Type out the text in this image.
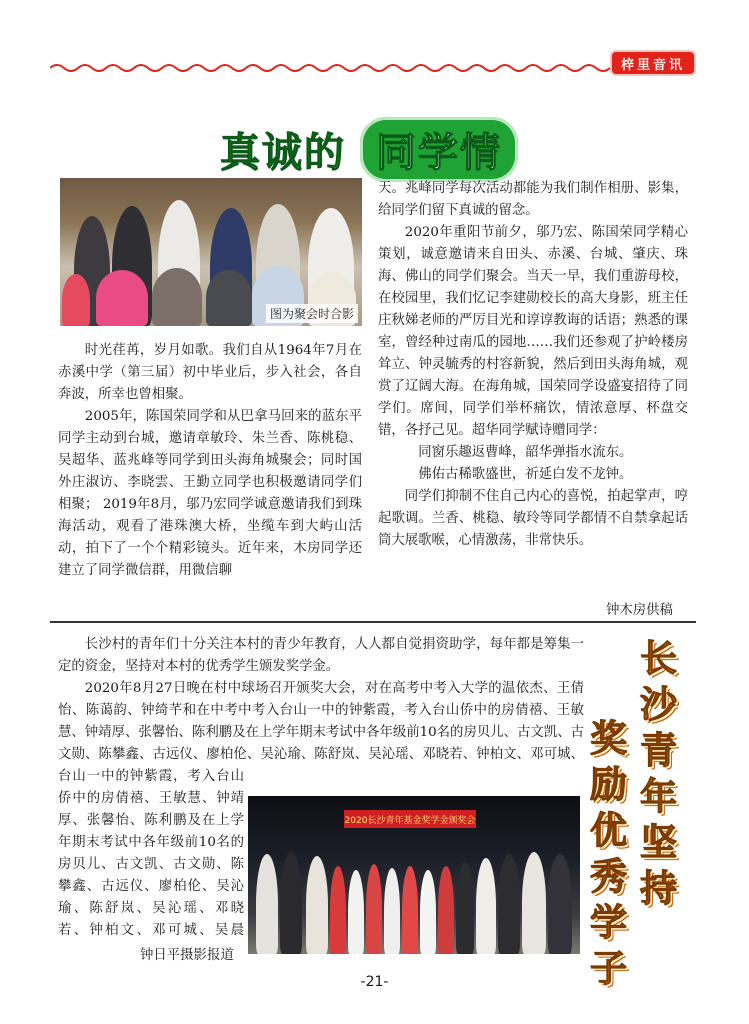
梓里音讯
真诚的 同学情
图为聚会时合影

时光荏苒，岁月如歌。我们自从1964年7月在赤溪中学（第三届）初中毕业后，步入社会，各自奔波，所幸也曾相聚。

2005年，陈国荣同学和从巴拿马回来的蓝东平同学主动到台城，邀请章敏玲、朱兰香、陈桃稳、吴超华、蓝兆峰等同学到田头海角城聚会；同时国外庄淑访、李晓雲、王勤立同学也积极邀请同学们相聚； 2019年8月，邬乃宏同学诚意邀请我们到珠海活动，观看了港珠澳大桥，坐缆车到大屿山活动，拍下了一个个精彩镜头。近年来，木房同学还建立了同学微信群，用微信聊

天。兆峰同学每次活动都能为我们制作相册、影集，给同学们留下真诚的留念。

2020年重阳节前夕，邬乃宏、陈国荣同学精心策划，诚意邀请来自田头、赤溪、台城、肇庆、珠海、佛山的同学们聚会。当天一早，我们重游母校，在校园里，我们忆记李建勋校长的高大身影，班主任庄秋娣老师的严厉目光和谆谆教诲的话语；熟悉的课室，曾经种过南瓜的园地……我们还参观了护岭楼房耸立、钟灵毓秀的村容新貌，然后到田头海角城，观赏了辽阔大海。在海角城，国荣同学设盛宴招待了同学们。席间，同学们举杯痛饮，情浓意厚、杯盘交错，各抒己见。超华同学赋诗赠同学：

同窗乐趣返曹峰，韶华弹指水流东。

佛佑古稀歌盛世，祈延白发不龙钟。

同学们抑制不住自己内心的喜悦，拍起掌声，哼起歌调。兰香、桃稳、敏玲等同学都情不自禁拿起话筒大展歌喉，心情激荡，非常快乐。

钟木房供稿

长沙村的青年们十分关注本村的青少年教育，人人都自觉捐资助学，每年都是筹集一定的资金，坚持对本村的优秀学生颁发奖学金。

2020年8月27日晚在村中球场召开颁奖大会，对在高考中考入大学的温依杰、王倩怡、陈蔼韵、钟绮芊和在中考中考入台山一中的钟紫霞，考入台山侨中的房倩禧、王敏慧、钟靖厚、张馨怡、陈利鹏及在上学年期末考试中各年级前10名的房贝儿、古文凯、古文勋、陈攀鑫、古远仪、廖柏伦、吴沁瑜、陈舒岚、吴沁瑶、邓晓若、钟柏文、邓可城、

台山一中的钟紫霞，考入台山侨中的房倩禧、王敏慧、钟靖厚、张馨怡、陈利鹏及在上学年期末考试中各年级前10名的房贝儿、古文凯、古文勋、陈攀鑫、古远仪、廖柏伦、吴沁瑜、陈舒岚、吴沁瑶、邓晓若、钟柏文、邓可城、吴晨

2020长沙青年基金奖学金颁奖会
钟日平摄影报道
长
沙
青
年
坚
持
奖
励
优
秀
学
子
-21-
